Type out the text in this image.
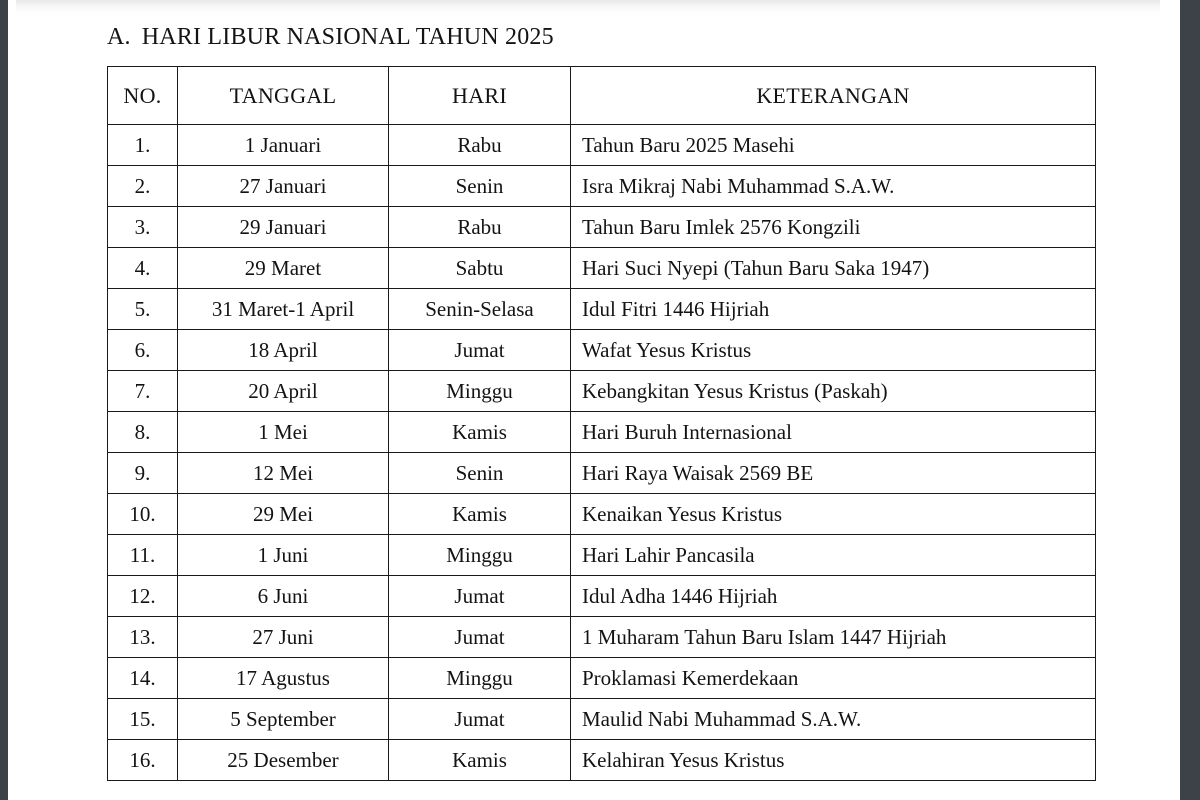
A. HARI LIBUR NASIONAL TAHUN 2025
NO.	TANGGAL	HARI	KETERANGAN
1.	1 Januari	Rabu	Tahun Baru 2025 Masehi
2.	27 Januari	Senin	Isra Mikraj Nabi Muhammad S.A.W.
3.	29 Januari	Rabu	Tahun Baru Imlek 2576 Kongzili
4.	29 Maret	Sabtu	Hari Suci Nyepi (Tahun Baru Saka 1947)
5.	31 Maret-1 April	Senin-Selasa	Idul Fitri 1446 Hijriah
6.	18 April	Jumat	Wafat Yesus Kristus
7.	20 April	Minggu	Kebangkitan Yesus Kristus (Paskah)
8.	1 Mei	Kamis	Hari Buruh Internasional
9.	12 Mei	Senin	Hari Raya Waisak 2569 BE
10.	29 Mei	Kamis	Kenaikan Yesus Kristus
11.	1 Juni	Minggu	Hari Lahir Pancasila
12.	6 Juni	Jumat	Idul Adha 1446 Hijriah
13.	27 Juni	Jumat	1 Muharam Tahun Baru Islam 1447 Hijriah
14.	17 Agustus	Minggu	Proklamasi Kemerdekaan
15.	5 September	Jumat	Maulid Nabi Muhammad S.A.W.
16.	25 Desember	Kamis	Kelahiran Yesus Kristus
